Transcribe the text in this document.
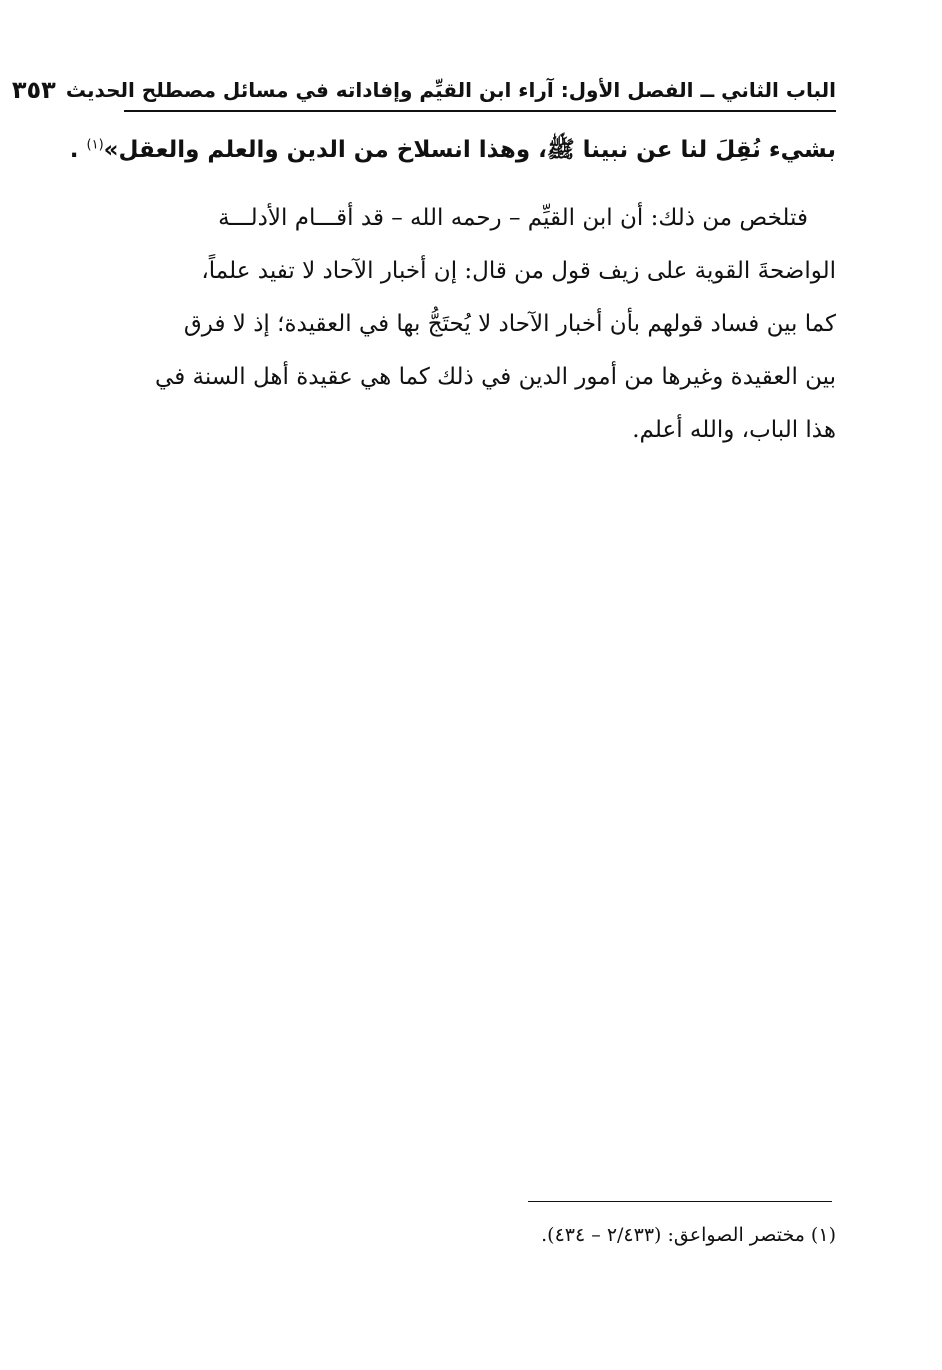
الباب الثاني ــ الفصل الأول: آراء ابن القيِّم وإفاداته في مسائل مصطلح الحديث
٣٥٣
بشيء نُقِلَ لنا عن نبينا ﷺ، وهذا انسلاخ من الدين والعلم والعقل»$^{(١)}$ .

فتلخص من ذلك: أن ابن القيِّم – رحمه الله – قد أقـــام الأدلـــة
الواضحةَ القوية على زيف قول من قال: إن أخبار الآحاد لا تفيد علماً،
كما بين فساد قولهم بأن أخبار الآحاد لا يُحتَجُّ بها في العقيدة؛ إذ لا فرق
بين العقيدة وغيرها من أمور الدين في ذلك كما هي عقيدة أهل السنة في
هذا الباب، والله أعلم.

(١) مختصر الصواعق: (٢/٤٣٣ – ٤٣٤).
